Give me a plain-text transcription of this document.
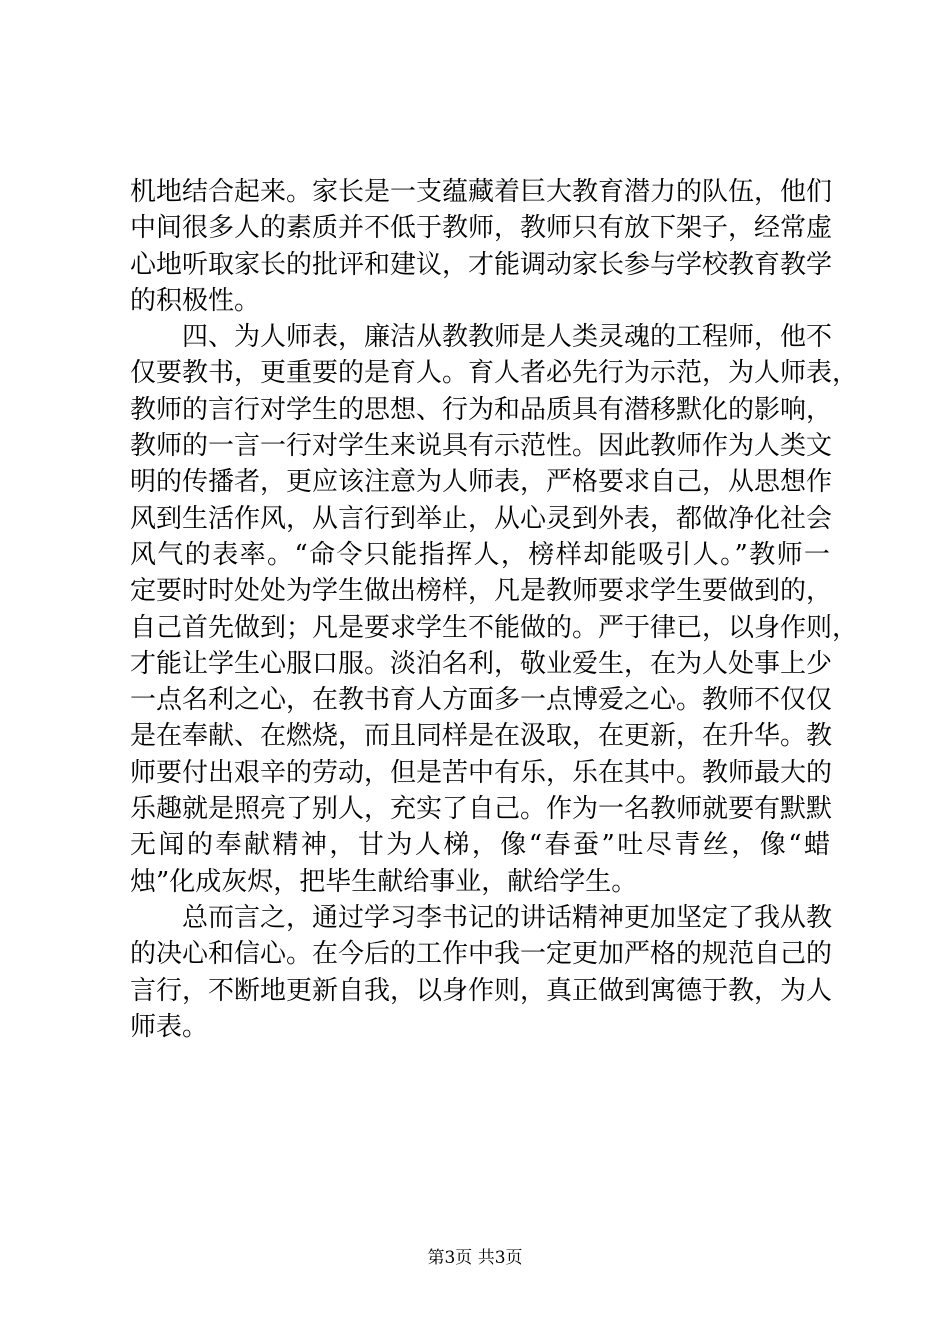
机地结合起来。家长是一支蕴藏着巨大教育潜力的队伍，他们
中间很多人的素质并不低于教师，教师只有放下架子，经常虚
心地听取家长的批评和建议，才能调动家长参与学校教育教学
的积极性。
　　四、为人师表，廉洁从教教师是人类灵魂的工程师，他不
仅要教书，更重要的是育人。育人者必先行为示范，为人师表，
教师的言行对学生的思想、行为和品质具有潜移默化的影响，
教师的一言一行对学生来说具有示范性。因此教师作为人类文
明的传播者，更应该注意为人师表，严格要求自己，从思想作
风到生活作风，从言行到举止，从心灵到外表，都做净化社会
风气的表率。“命令只能指挥人，榜样却能吸引人。”教师一
定要时时处处为学生做出榜样，凡是教师要求学生要做到的，
自己首先做到；凡是要求学生不能做的。严于律已，以身作则，
才能让学生心服口服。淡泊名利，敬业爱生，在为人处事上少
一点名利之心，在教书育人方面多一点博爱之心。教师不仅仅
是在奉献、在燃烧，而且同样是在汲取，在更新，在升华。教
师要付出艰辛的劳动，但是苦中有乐，乐在其中。教师最大的
乐趣就是照亮了别人，充实了自己。作为一名教师就要有默默
无闻的奉献精神，甘为人梯，像“春蚕”吐尽青丝，像“蜡
烛”化成灰烬，把毕生献给事业，献给学生。
　　总而言之，通过学习李书记的讲话精神更加坚定了我从教
的决心和信心。在今后的工作中我一定更加严格的规范自己的
言行，不断地更新自我，以身作则，真正做到寓德于教，为人
师表。
第3页 共3页
